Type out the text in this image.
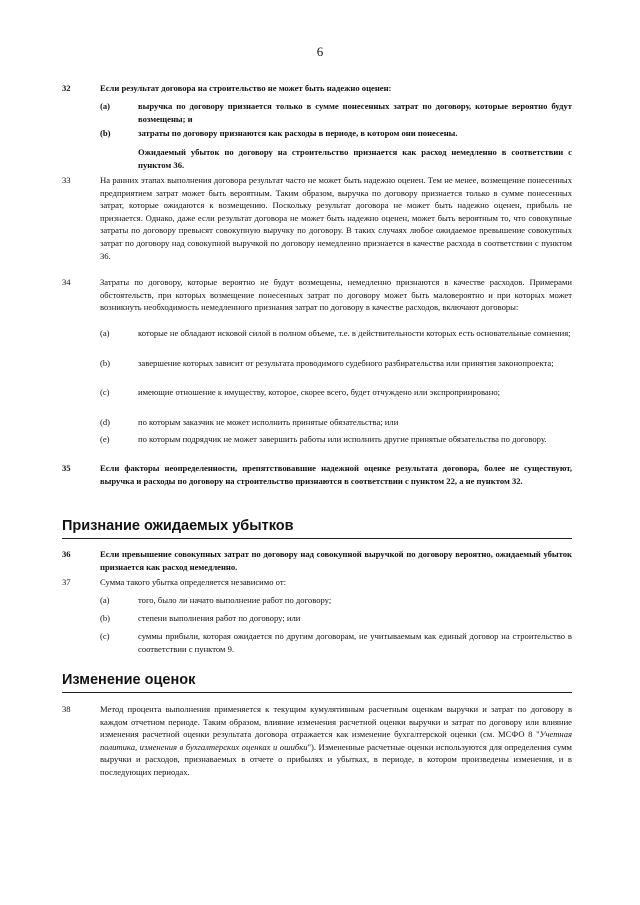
6
32	Если результат договора на строительство не может быть надежно оценен:
(a)	выручка по договору признается только в сумме понесенных затрат по договору, которые вероятно будут возмещены; и
(b)	затраты по договору признаются как расходы в периоде, в котором они понесены.
Ожидаемый убыток по договору на строительство признается как расход немедленно в соответствии с пунктом 36.
33	На ранних этапах выполнения договора результат часто не может быть надежно оценен. Тем не менее, возмещение понесенных предприятием затрат может быть вероятным. Таким образом, выручка по договору признается только в сумме понесенных затрат, которые ожидаются к возмещению. Поскольку результат договора не может быть надежно оценен, прибыль не признается. Однако, даже если результат договора не может быть надежно оценен, может быть вероятным то, что совокупные затраты по договору превысят совокупную выручку по договору. В таких случаях любое ожидаемое превышение совокупных затрат по договору над совокупной выручкой по договору немедленно признается в качестве расхода в соответствии с пунктом 36.
34	Затраты по договору, которые вероятно не будут возмещены, немедленно признаются в качестве расходов. Примерами обстоятельств, при которых возмещение понесенных затрат по договору может быть маловероятно и при которых может возникнуть необходимость немедленного признания затрат по договору в качестве расходов, включают договоры:
(a)	которые не обладают исковой силой в полном объеме, т.е. в действительности которых есть основательные сомнения;
(b)	завершение которых зависит от результата проводимого судебного разбирательства или принятия законопроекта;
(c)	имеющие отношение к имуществу, которое, скорее всего, будет отчуждено или экспроприировано;
(d)	по которым заказчик не может исполнить принятые обязательства; или
(e)	по которым подрядчик не может завершить работы или исполнить другие принятые обязательства по договору.
35	Если факторы неопределенности, препятствовавшие надежной оценке результата договора, более не существуют, выручка и расходы по договору на строительство признаются в соответствии с пунктом 22, а не пунктом 32.
Признание ожидаемых убытков
36	Если превышение совокупных затрат по договору над совокупной выручкой по договору вероятно, ожидаемый убыток признается как расход немедленно.
37	Сумма такого убытка определяется независимо от:
(a)	того, было ли начато выполнение работ по договору;
(b)	степени выполнения работ по договору; или
(c)	суммы прибыли, которая ожидается по другим договорам, не учитываемым как единый договор на строительство в соответствии с пунктом 9.
Изменение оценок
38	Метод процента выполнения применяется к текущим кумулятивным расчетным оценкам выручки и затрат по договору в каждом отчетном периоде. Таким образом, влияние изменения расчетной оценки выручки и затрат по договору или влияние изменения расчетной оценки результата договора отражается как изменение бухгалтерской оценки (см. МСФО 8 "Учетная политика, изменения в бухгалтерских оценках и ошибки"). Измененные расчетные оценки используются для определения сумм выручки и расходов, признаваемых в отчете о прибылях и убытках, в периоде, в котором произведены изменения, и в последующих периодах.
